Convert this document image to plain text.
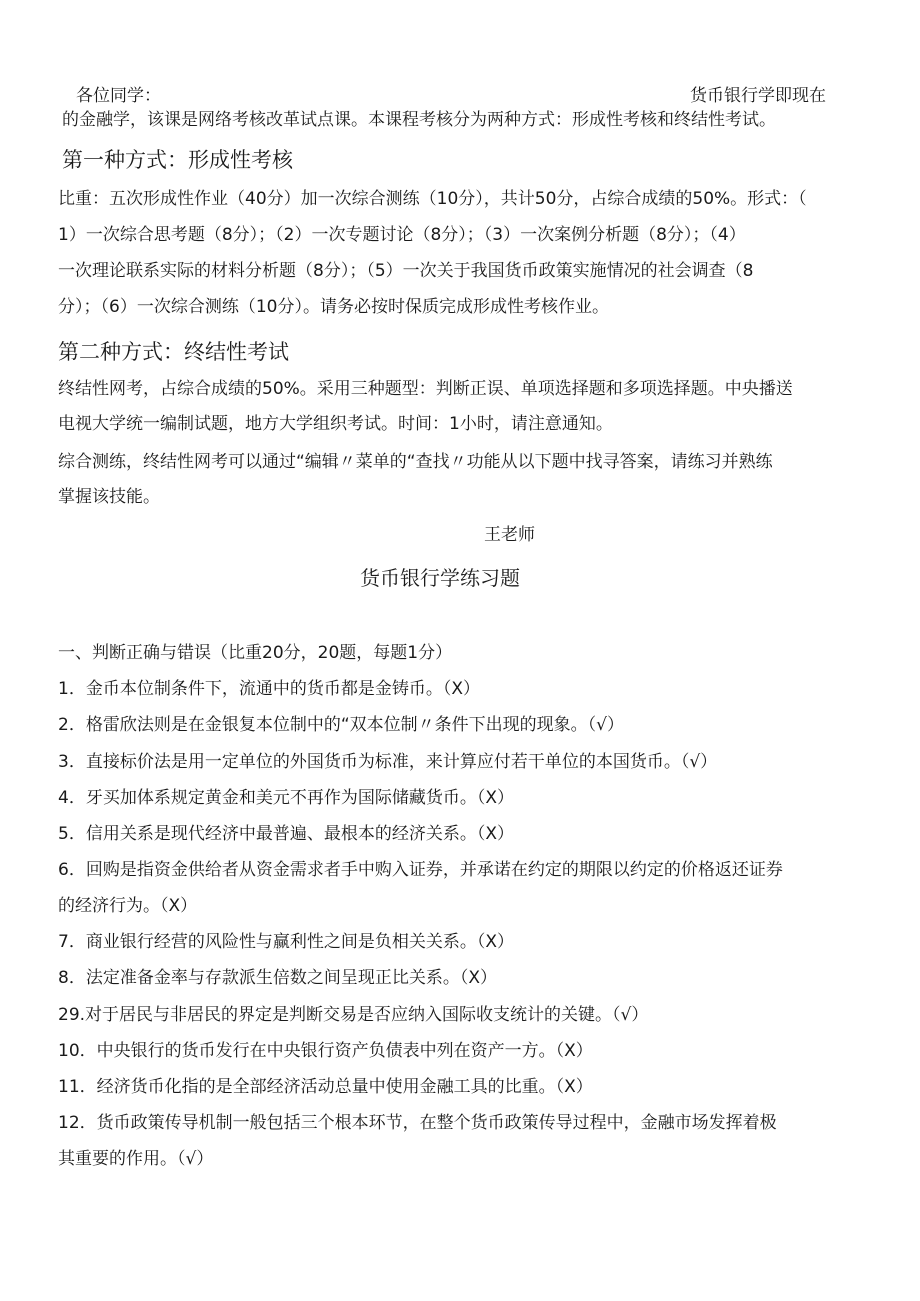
各位同学：	货币银行学即现在
的金融学，该课是网络考核改革试点课。本课程考核分为两种方式：形成性考核和终结性考试。
第一种方式：形成性考核
比重：五次形成性作业（40分）加一次综合测练（10分），共计50分，占综合成绩的50%。形式：（
1）一次综合思考题（8分）；（2）一次专题讨论（8分）；（3）一次案例分析题（8分）；（4）
一次理论联系实际的材料分析题（8分）；（5）一次关于我国货币政策实施情况的社会调查（8
分）；（6）一次综合测练（10分）。请务必按时保质完成形成性考核作业。
第二种方式：终结性考试
终结性网考，占综合成绩的50%。采用三种题型：判断正误、单项选择题和多项选择题。中央播送
电视大学统一编制试题，地方大学组织考试。时间：1小时，请注意通知。
综合测练，终结性网考可以通过“编辑〃菜单的“查找〃功能从以下题中找寻答案，请练习并熟练
掌握该技能。
王老师
货币银行学练习题
一、判断正确与错误（比重20分，20题，每题1分）
1．金币本位制条件下，流通中的货币都是金铸币。（X）
2．格雷欣法则是在金银复本位制中的“双本位制〃条件下出现的现象。（√）
3．直接标价法是用一定单位的外国货币为标准，来计算应付若干单位的本国货币。（√）
4．牙买加体系规定黄金和美元不再作为国际储藏货币。（X）
5．信用关系是现代经济中最普遍、最根本的经济关系。（X）
6．回购是指资金供给者从资金需求者手中购入证券，并承诺在约定的期限以约定的价格返还证券
的经济行为。（X）
7．商业银行经营的风险性与赢利性之间是负相关关系。（X）
8．法定准备金率与存款派生倍数之间呈现正比关系。（X）
29.对于居民与非居民的界定是判断交易是否应纳入国际收支统计的关键。（√）
10．中央银行的货币发行在中央银行资产负债表中列在资产一方。（X）
11．经济货币化指的是全部经济活动总量中使用金融工具的比重。（X）
12．货币政策传导机制一般包括三个根本环节，在整个货币政策传导过程中，金融市场发挥着极
其重要的作用。（√）
